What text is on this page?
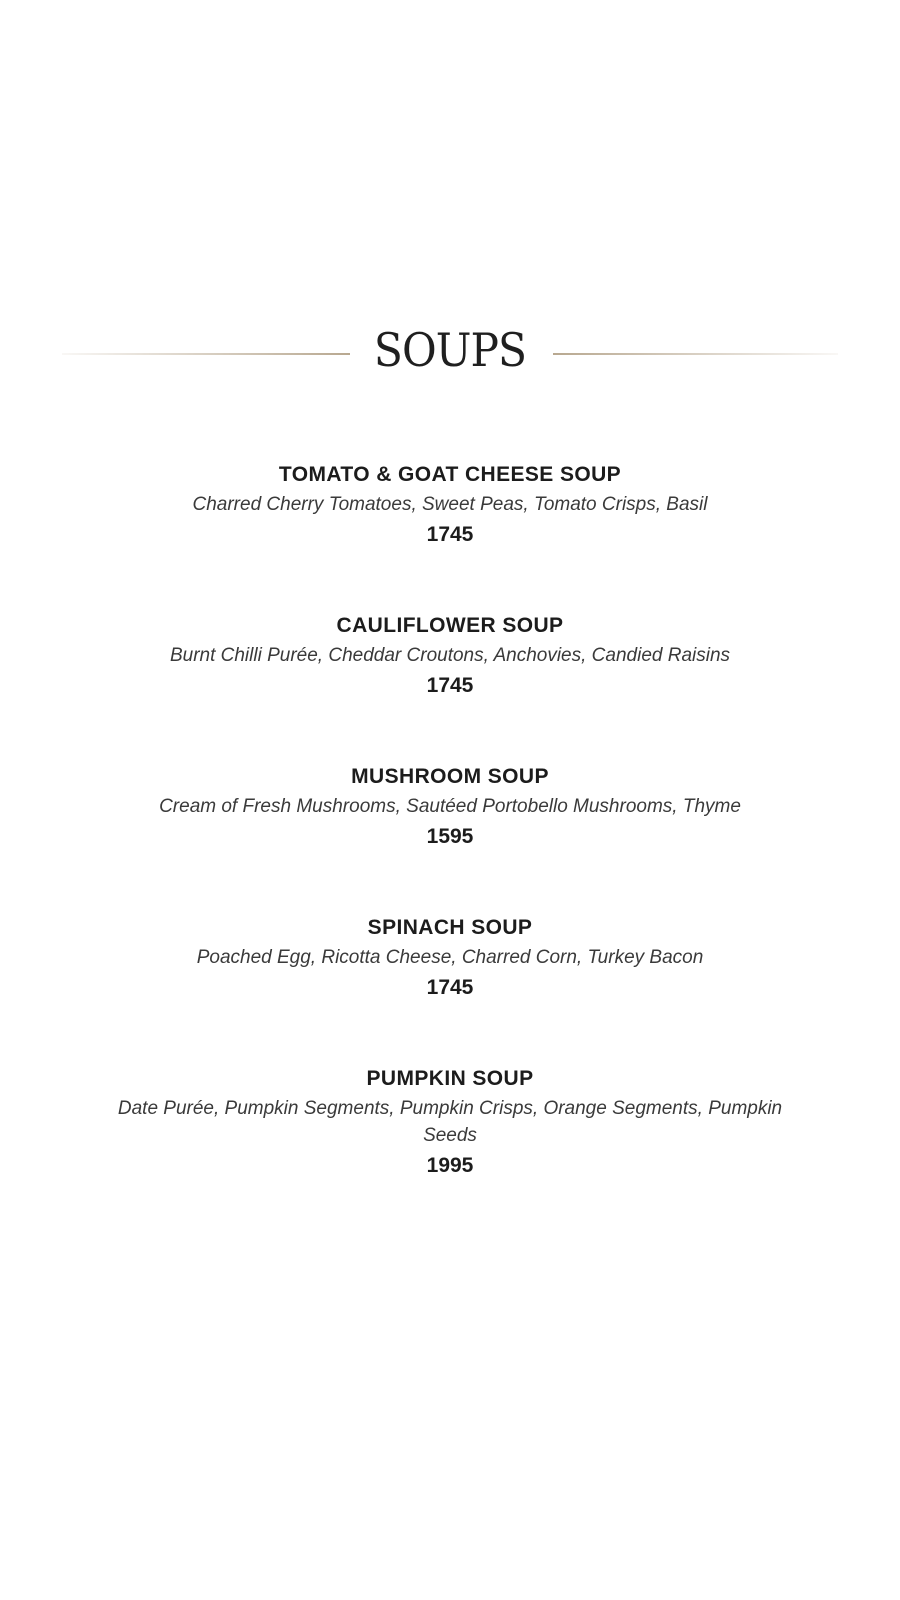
SOUPS

TOMATO & GOAT CHEESE SOUP

Charred Cherry Tomatoes, Sweet Peas, Tomato Crisps, Basil

1745

CAULIFLOWER SOUP

Burnt Chilli Purée, Cheddar Croutons, Anchovies, Candied Raisins

1745

MUSHROOM SOUP

Cream of Fresh Mushrooms, Sautéed Portobello Mushrooms, Thyme

1595

SPINACH SOUP

Poached Egg, Ricotta Cheese, Charred Corn, Turkey Bacon

1745

PUMPKIN SOUP

Date Purée, Pumpkin Segments, Pumpkin Crisps, Orange Segments, Pumpkin Seeds

1995
